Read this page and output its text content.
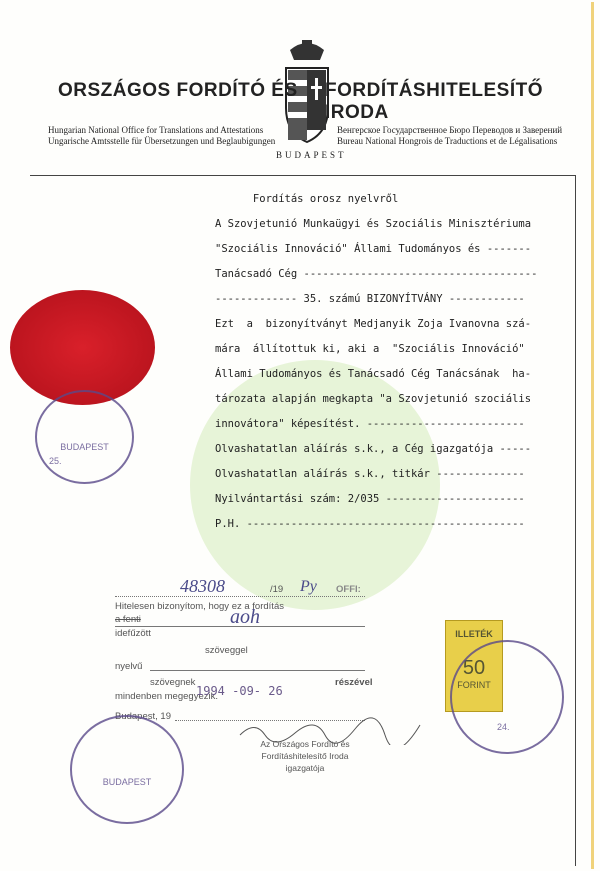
ORSZÁGOS FORDÍTÓ ÉS FORDÍTÁSHITELESÍTŐ IRODA
Hungarian National Office for Translations and Attestations
Ungarische Amtsstelle für Übersetzungen und Beglaubigungen
Венгерское Государственное Бюро Переводов и Заверений
Bureau National Hongrois de Traductions et de Légalisations
BUDAPEST
Fordítás orosz nyelvről
A Szovjetunió Munkaügyi és Szociális Minisztériuma
"Szociális Innováció" Állami Tudományos és -------
Tanácsadó Cég -------------------------------------
------------- 35. számú BIZONYÍTVÁNY ------------
Ezt  a  bizonyítványt Medjanyik Zoja Ivanovna szá-
mára  állítottuk ki, aki a  "Szociális Innováció"
Állami Tudományos és Tanácsadó Cég Tanácsának  ha-
tározata alapján megkapta "a Szovjetunió szociális
innovátora" képesítést. -------------------------
Olvashatatlan aláírás s.k., a Cég igazgatója -----
Olvashatatlan aláírás s.k., titkár --------------
Nyilvántartási szám: 2/035 ----------------------
P.H. --------------------------------------------
BUDAPEST
25.
48308	/19 Py OFFI:
Hitelesen bizonyítom, hogy ez a fordítás
a fenti	aoh
idefűzött
szöveggel
nyelvű
szövegnek	részével
mindenben megegyezik.
1994 -09- 26
Budapest, 19
Az Országos Fordító és
Fordításhitelesítő Iroda
igazgatója
BUDAPEST
ILLETÉK
50
FORINT
24.
